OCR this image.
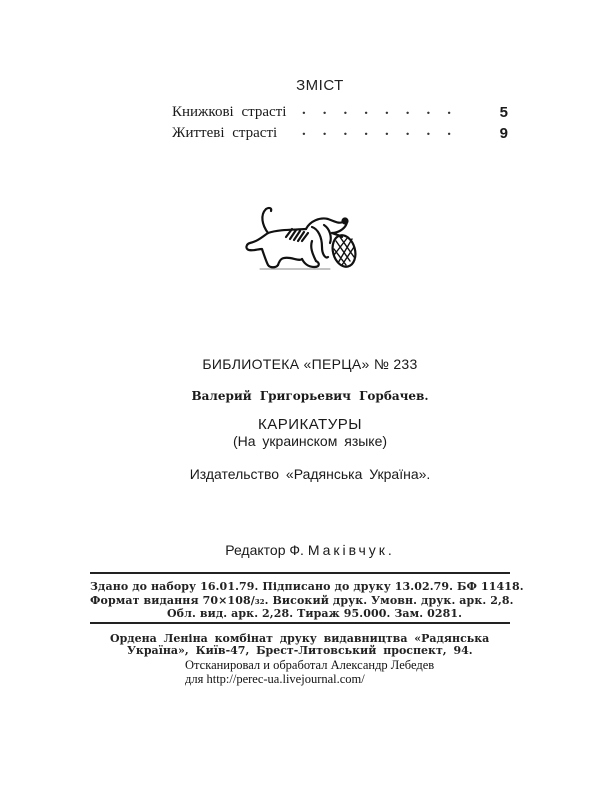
ЗМІСТ
Книжкові страсті ........ 5
Життеві страсті ........ 9
БИБЛИОТЕКА «ПЕРЦА» № 233
Валерий Григорьевич Горбачев.
КАРИКАТУРЫ
(На украинском языке)
Издательство «Радянська Україна».
Редактор Ф. Маківчук.
Здано до набору 16.01.79. Підписано до друку 13.02.79. БФ 11418.
Формат видання 70×108/₃₂. Високий друк. Умовн. друк. арк. 2,8.
Обл. вид. арк. 2,28. Тираж 95.000. Зам. 0281.
Ордена Леніна комбінат друку видавництва «Радянська
Україна», Київ-47, Брест-Литовський проспект, 94.
Отсканировал и обработал Александр Лебедев
для http://perec-ua.livejournal.com/
